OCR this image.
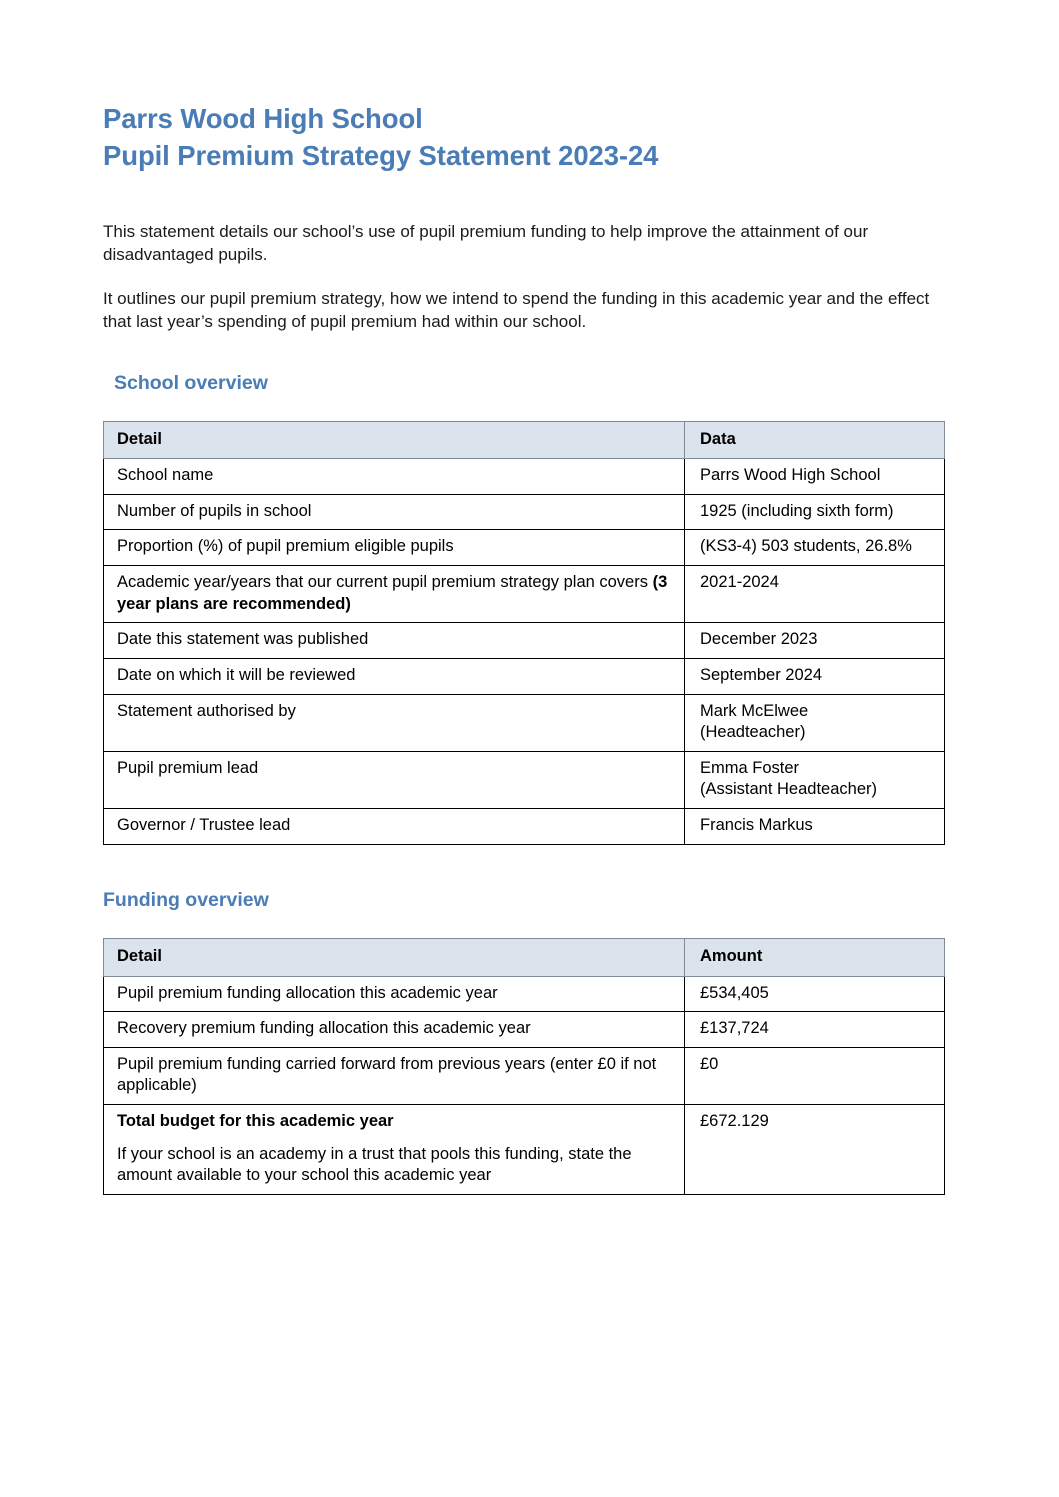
Parrs Wood High School
Pupil Premium Strategy Statement 2023-24

This statement details our school’s use of pupil premium funding to help improve the attainment of our disadvantaged pupils.

It outlines our pupil premium strategy, how we intend to spend the funding in this academic year and the effect that last year’s spending of pupil premium had within our school.

School overview
Detail	Data
School name	Parrs Wood High School
Number of pupils in school	1925 (including sixth form)
Proportion (%) of pupil premium eligible pupils	(KS3-4) 503 students, 26.8%
Academic year/years that our current pupil premium strategy plan covers (3 year plans are recommended)	2021-2024
Date this statement was published	December 2023
Date on which it will be reviewed	September 2024
Statement authorised by	Mark McElwee
(Headteacher)
Pupil premium lead	Emma Foster
(Assistant Headteacher)
Governor / Trustee lead	Francis Markus
Funding overview
Detail	Amount
Pupil premium funding allocation this academic year	£534,405
Recovery premium funding allocation this academic year	£137,724
Pupil premium funding carried forward from previous years (enter £0 if not applicable)	£0
Total budget for this academic year
If your school is an academy in a trust that pools this funding, state the amount available to your school this academic year	£672.129
